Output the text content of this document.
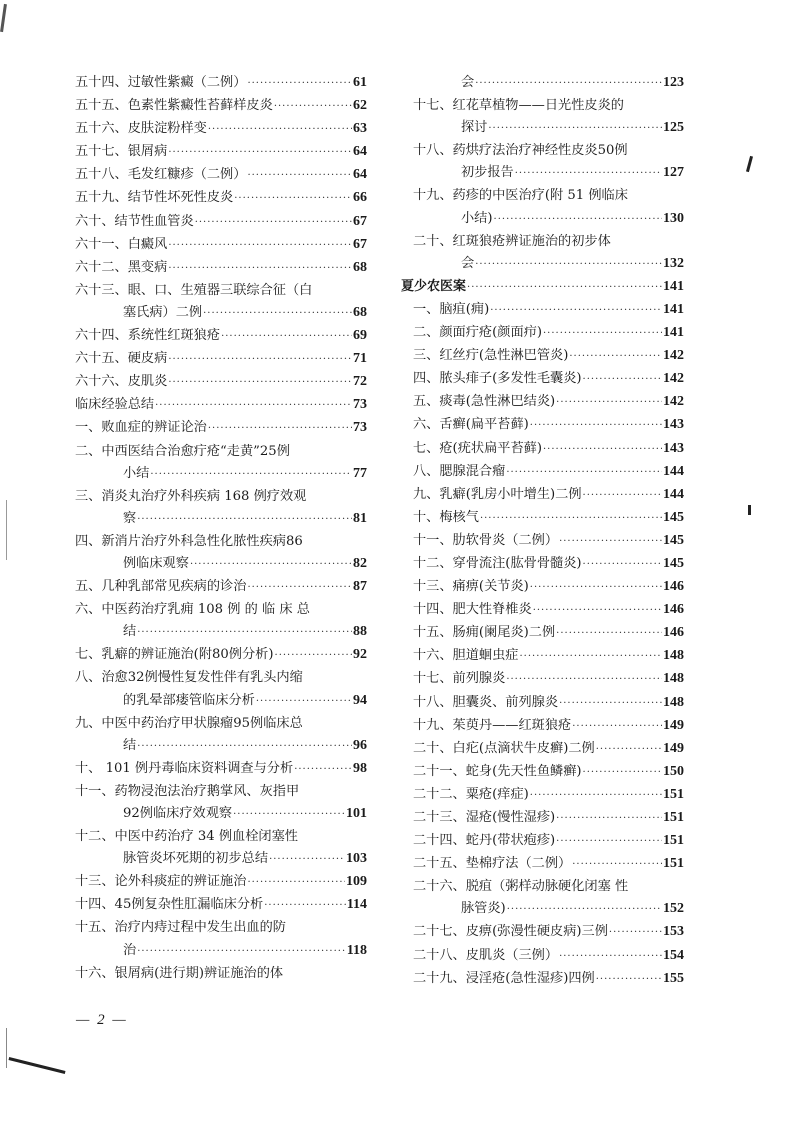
五十四、过敏性紫癜（二例） ·····	61
五十五、色素性紫癜性苔藓样皮炎 ·····	62
五十六、皮肤淀粉样变 ·····	63
五十七、银屑病 ·····	64
五十八、毛发红糠疹（二例） ·····	64
五十九、结节性坏死性皮炎 ·····	66
六十、结节性血管炎 ·····	67
六十一、白癜风 ·····	67
六十二、黑变病 ·····	68
六十三、眼、口、生殖器三联综合征（白
塞氏病）二例 ·····	68
六十四、系统性红斑狼疮 ·····	69
六十五、硬皮病 ·····	71
六十六、皮肌炎 ·····	72
临床经验总结 ·····	73
一、败血症的辨证论治 ·····	73
二、中西医结合治愈疔疮“走黄”25例
小结 ·····	77
三、消炎丸治疗外科疾病 168 例疗效观
察 ·····	81
四、新消片治疗外科急性化脓性疾病86
例临床观察 ·····	82
五、几种乳部常见疾病的诊治 ·····	87
六、中医药治疗乳痈 108 例 的 临 床 总
结 ·····	88
七、乳癖的辨证施治(附80例分析) ·····	92
八、治愈32例慢性复发性伴有乳头内缩
的乳晕部瘘管临床分析 ·····	94
九、中医中药治疗甲状腺瘤95例临床总
结 ·····	96
十、 101 例丹毒临床资料调查与分析 ·····	98
十一、药物浸泡法治疗鹅掌风、灰指甲
92例临床疗效观察 ·····	101
十二、中医中药治疗 34 例血栓闭塞性
脉管炎坏死期的初步总结 ·····	103
十三、论外科痰症的辨证施治 ·····	109
十四、45例复杂性肛漏临床分析 ·····	114
十五、治疗内痔过程中发生出血的防
治 ·····	118
十六、银屑病(进行期)辨证施治的体
会 ·····	123
十七、红花草植物——日光性皮炎的
探讨 ·····	125
十八、药烘疗法治疗神经性皮炎50例
初步报告 ·····	127
十九、药疹的中医治疗(附 51 例临床
小结) ·····	130
二十、红斑狼疮辨证施治的初步体
会 ·····	132
夏少农医案 ·····	141
一、脑疽(痈) ·····	141
二、颜面疔疮(颜面疖) ·····	141
三、红丝疔(急性淋巴管炎) ·····	142
四、脓头痱子(多发性毛囊炎) ·····	142
五、痰毒(急性淋巴结炎) ·····	142
六、舌癣(扁平苔藓) ·····	143
七、疮(疣状扁平苔藓) ·····	143
八、腮腺混合瘤 ·····	144
九、乳癖(乳房小叶增生)二例 ·····	144
十、梅核气 ·····	145
十一、肋软骨炎（二例） ·····	145
十二、穿骨流注(肱骨骨髓炎) ·····	145
十三、痛痹(关节炎) ·····	146
十四、肥大性脊椎炎 ·····	146
十五、肠痈(阑尾炎)二例 ·····	146
十六、胆道蛔虫症 ·····	148
十七、前列腺炎 ·····	148
十八、胆囊炎、前列腺炎 ·····	148
十九、茱萸丹——红斑狼疮 ·····	149
二十、白疕(点滴状牛皮癣)二例 ·····	149
二十一、蛇身(先天性鱼鳞癣) ·····	150
二十二、粟疮(痒症) ·····	151
二十三、湿疮(慢性湿疹) ·····	151
二十四、蛇丹(带状疱疹) ·····	151
二十五、垫棉疗法（二例） ·····	151
二十六、脱疽（粥样动脉硬化闭塞 性
脉管炎) ·····	152
二十七、皮痹(弥漫性硬皮病)三例 ·····	153
二十八、皮肌炎（三例） ·····	154
二十九、浸淫疮(急性湿疹)四例 ·····	155
— 2 —
